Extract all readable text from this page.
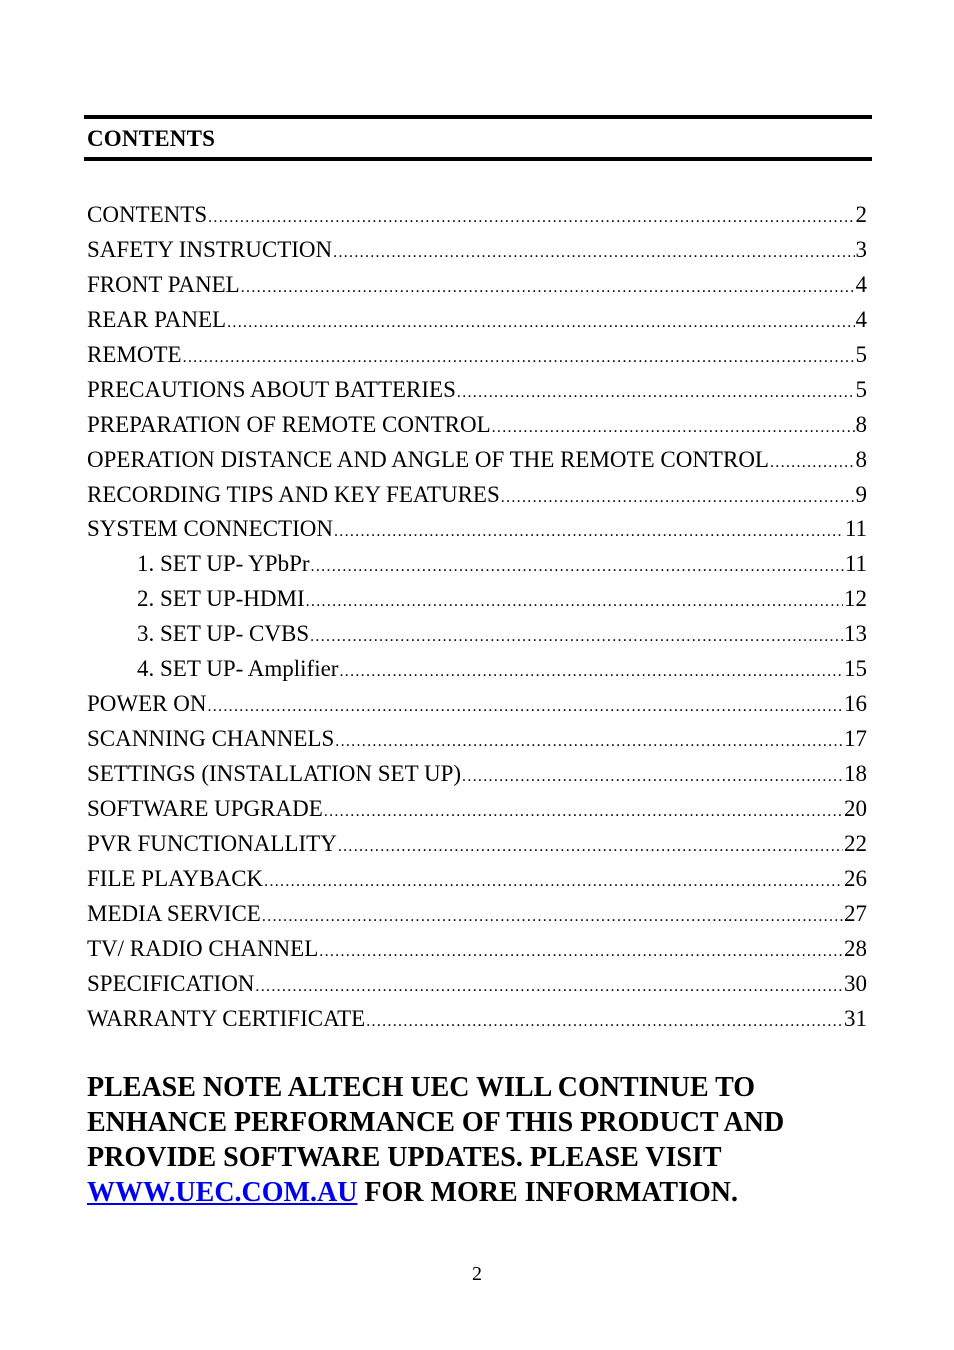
CONTENTS
CONTENTS .....	2
SAFETY INSTRUCTION .....	3
FRONT PANEL .....	4
REAR PANEL .....	4
REMOTE .....	5
PRECAUTIONS ABOUT BATTERIES .....	5
PREPARATION OF REMOTE CONTROL .....	8
OPERATION DISTANCE AND ANGLE OF THE REMOTE CONTROL .....	8
RECORDING TIPS AND KEY FEATURES .....	9
SYSTEM CONNECTION .....	11
1. SET UP- YPbPr .....	11
2. SET UP-HDMI .....	12
3. SET UP- CVBS .....	13
4. SET UP- Amplifier .....	15
POWER ON .....	16
SCANNING CHANNELS .....	17
SETTINGS (INSTALLATION SET UP) .....	18
SOFTWARE UPGRADE .....	20
PVR FUNCTIONALLITY .....	22
FILE PLAYBACK .....	26
MEDIA SERVICE .....	27
TV/ RADIO CHANNEL .....	28
SPECIFICATION .....	30
WARRANTY CERTIFICATE .....	31

PLEASE NOTE ALTECH UEC WILL CONTINUE TO ENHANCE PERFORMANCE OF THIS PRODUCT AND PROVIDE SOFTWARE UPDATES. PLEASE VISIT WWW.UEC.COM.AU FOR MORE INFORMATION.

2
